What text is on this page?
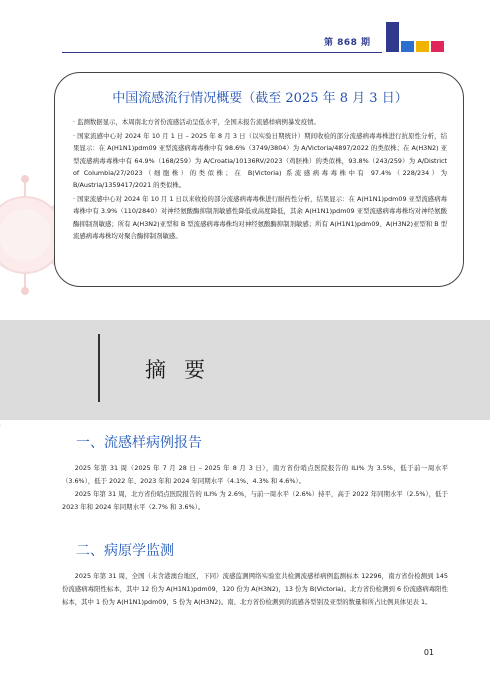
第 868 期
中国流感流行情况概要（截至 2025 年 8 月 3 日）

· 监测数据显示，本周南北方省份流感活动呈低水平，全国未报告流感样病例暴发疫情。

· 国家流感中心对 2024 年 10 月 1 日 – 2025 年 8 月 3 日（以实验日期统计）期间收检的部分流感病毒毒株进行抗原性分析，结果显示：在 A(H1N1)pdm09 亚型流感病毒毒株中有 98.6%（3749/3804）为 A/Victoria/4897/2022 的类似株；在 A(H3N2) 亚型流感病毒毒株中有 64.9%（168/259）为 A/Croatia/10136RV/2023（鸡胚株）的类似株，93.8%（243/259）为 A/District of Columbia/27/2023（细胞株）的类似株；在 B(Victoria) 系流感病毒毒株中有 97.4%（228/234）为 B/Austria/1359417/2021 的类似株。

· 国家流感中心对 2024 年 10 月 1 日以来收检的部分流感病毒毒株进行耐药性分析，结果显示：在 A(H1N1)pdm09 亚型流感病毒毒株中有 3.9%（110/2840）对神经氨酸酶抑制剂敏感性降低或高度降低，其余 A(H1N1)pdm09 亚型流感病毒毒株均对神经氨酸酶抑制剂敏感；所有 A(H3N2)亚型和 B 型流感病毒毒株均对神经氨酸酶抑制剂敏感；所有 A(H1N1)pdm09、A(H3N2)亚型和 B 型流感病毒毒株均对聚合酶抑制剂敏感。

摘要
一、流感样病例报告

2025 年第 31 周（2025 年 7 月 28 日 – 2025 年 8 月 3 日），南方省份哨点医院报告的 ILI% 为 3.5%，低于前一周水平（3.6%），低于 2022 年、2023 年和 2024 年同期水平（4.1%、4.3% 和 4.6%）。

2025 年第 31 周，北方省份哨点医院报告的 ILI% 为 2.6%，与前一周水平（2.6%）持平，高于 2022 年同期水平（2.5%），低于 2023 年和 2024 年同期水平（2.7% 和 3.6%）。

二、病原学监测

2025 年第 31 周，全国（未含港澳台地区，下同）流感监测网络实验室共检测流感样病例监测标本 12296，南方省份检测到 145 份流感病毒阳性标本，其中 12 份为 A(H1N1)pdm09，120 份为 A(H3N2)，13 份为 B(Victoria)。北方省份检测到 6 份流感病毒阳性标本，其中 1 份为 A(H1N1)pdm09，5 份为 A(H3N2)。南、北方省份检测到的流感各型别及亚型的数量和所占比例具体见表 1。

01
